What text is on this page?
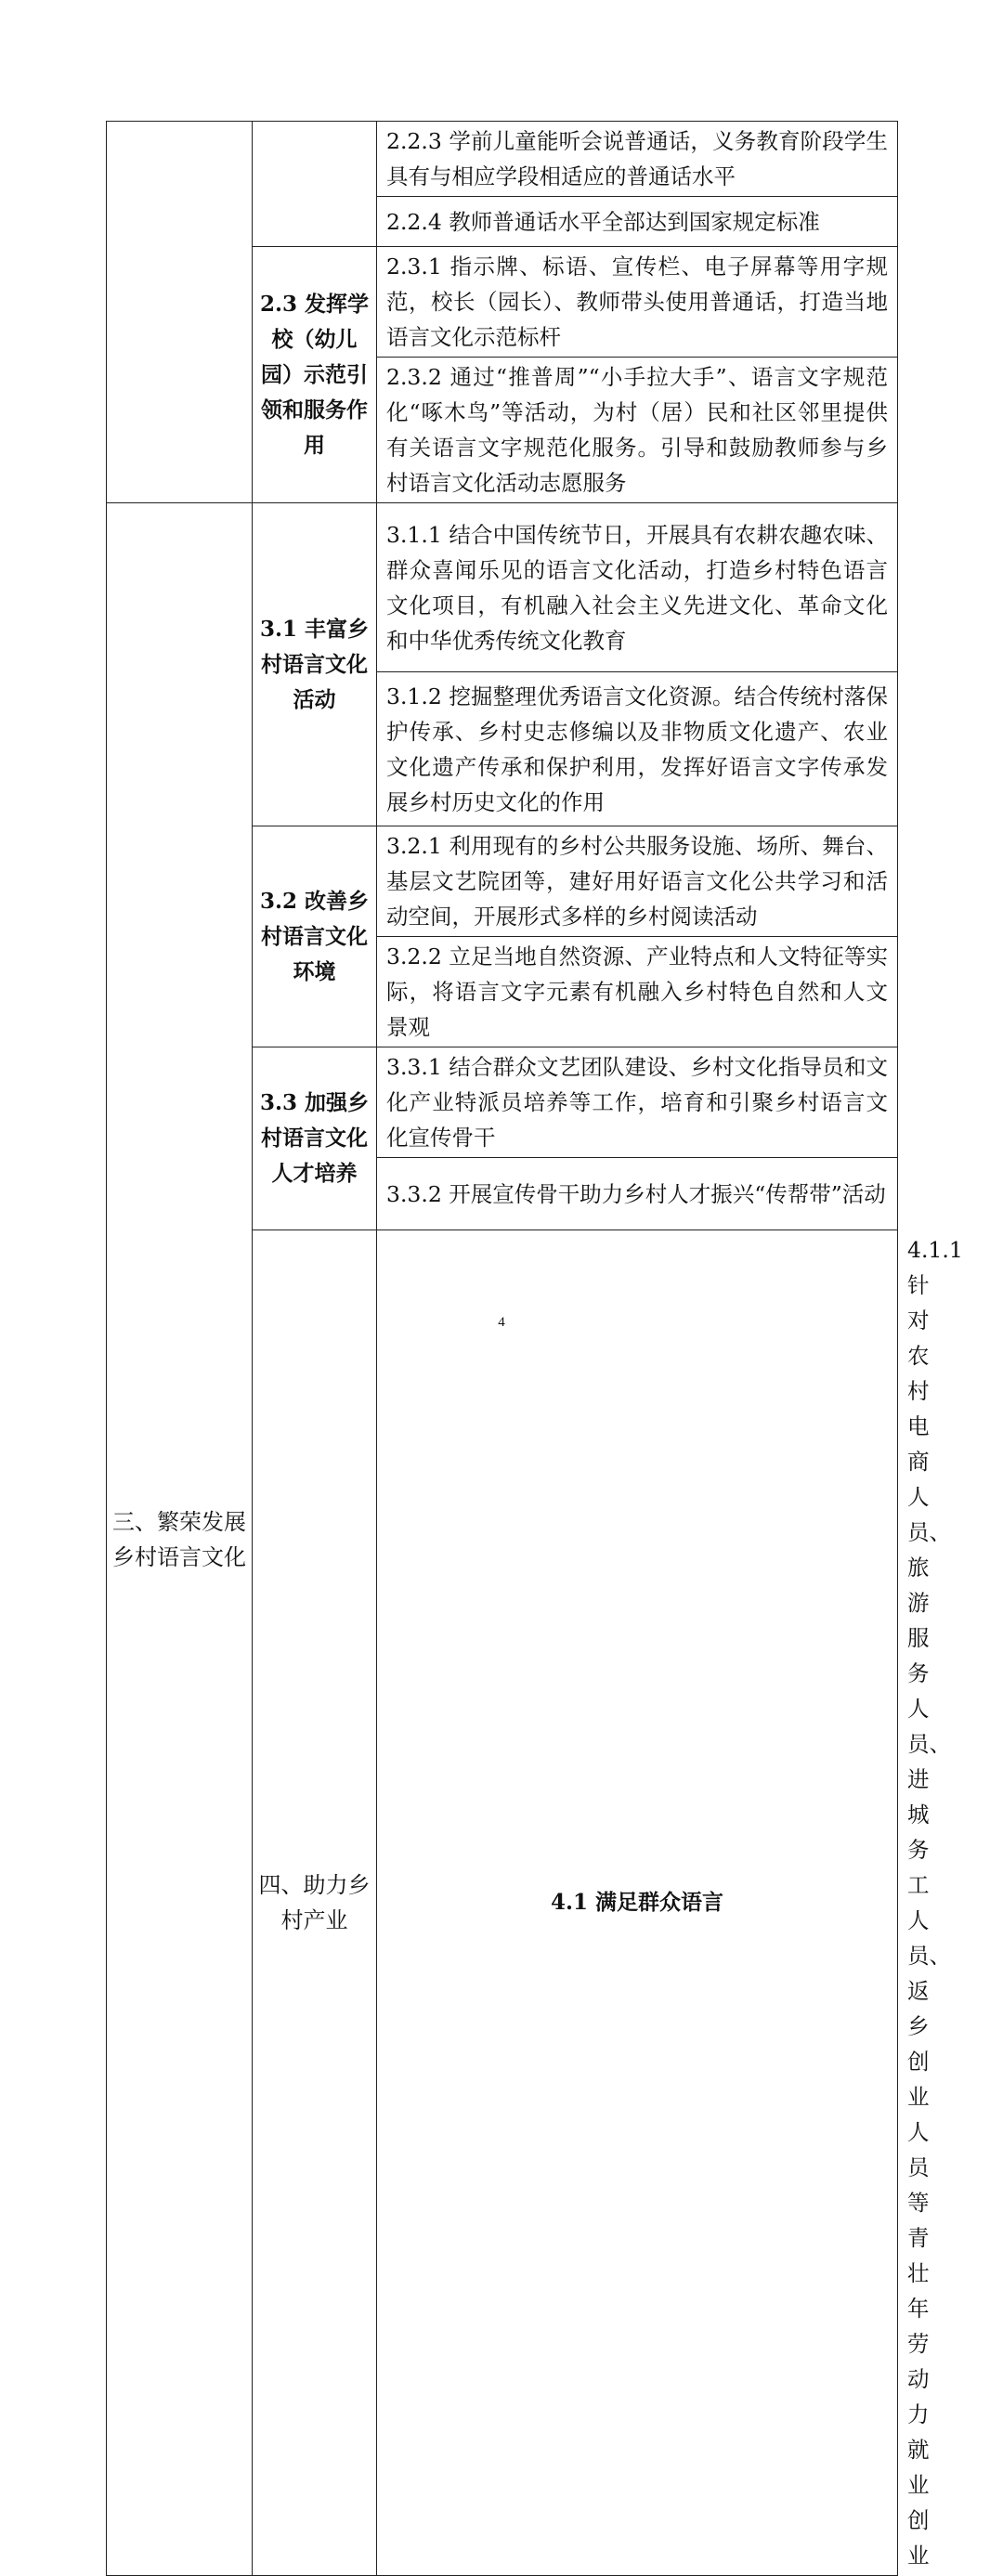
		2.2.3 学前儿童能听会说普通话，义务教育阶段学生具有与相应学段相适应的普通话水平	
		2.2.4 教师普通话水平全部达到国家规定标准	

	2.3 发挥学校（幼儿园）示范引领和服务作用	2.3.1 指示牌、标语、宣传栏、电子屏幕等用字规范，校长（园长）、教师带头使用普通话，打造当地语言文化示范标杆	
		2.3.2 通过“推普周”“小手拉大手”、语言文字规范化“啄木鸟”等活动，为村（居）民和社区邻里提供有关语言文字规范化服务。引导和鼓励教师参与乡村语言文化活动志愿服务	

三、繁荣发展乡村语言文化	3.1 丰富乡村语言文化活动	3.1.1 结合中国传统节日，开展具有农耕农趣农味、群众喜闻乐见的语言文化活动，打造乡村特色语言文化项目，有机融入社会主义先进文化、革命文化和中华优秀传统文化教育	
		3.1.2 挖掘整理优秀语言文化资源。结合传统村落保护传承、乡村史志修编以及非物质文化遗产、农业文化遗产传承和保护利用，发挥好语言文字传承发展乡村历史文化的作用	

	3.2 改善乡村语言文化环境	3.2.1 利用现有的乡村公共服务设施、场所、舞台、基层文艺院团等，建好用好语言文化公共学习和活动空间，开展形式多样的乡村阅读活动	
		3.2.2 立足当地自然资源、产业特点和人文特征等实际，将语言文字元素有机融入乡村特色自然和人文景观	

	3.3 加强乡村语言文化人才培养	3.3.1 结合群众文艺团队建设、乡村文化指导员和文化产业特派员培养等工作，培育和引聚乡村语言文化宣传骨干	
		3.3.2 开展宣传骨干助力乡村人才振兴“传帮带”活动	

	四、助力乡村产业	4.1 满足群众语言	4.1.1 针对农村电商人员、旅游服务人员、进城务工人员、返乡创业人员等青壮年劳动力就业创业
4
